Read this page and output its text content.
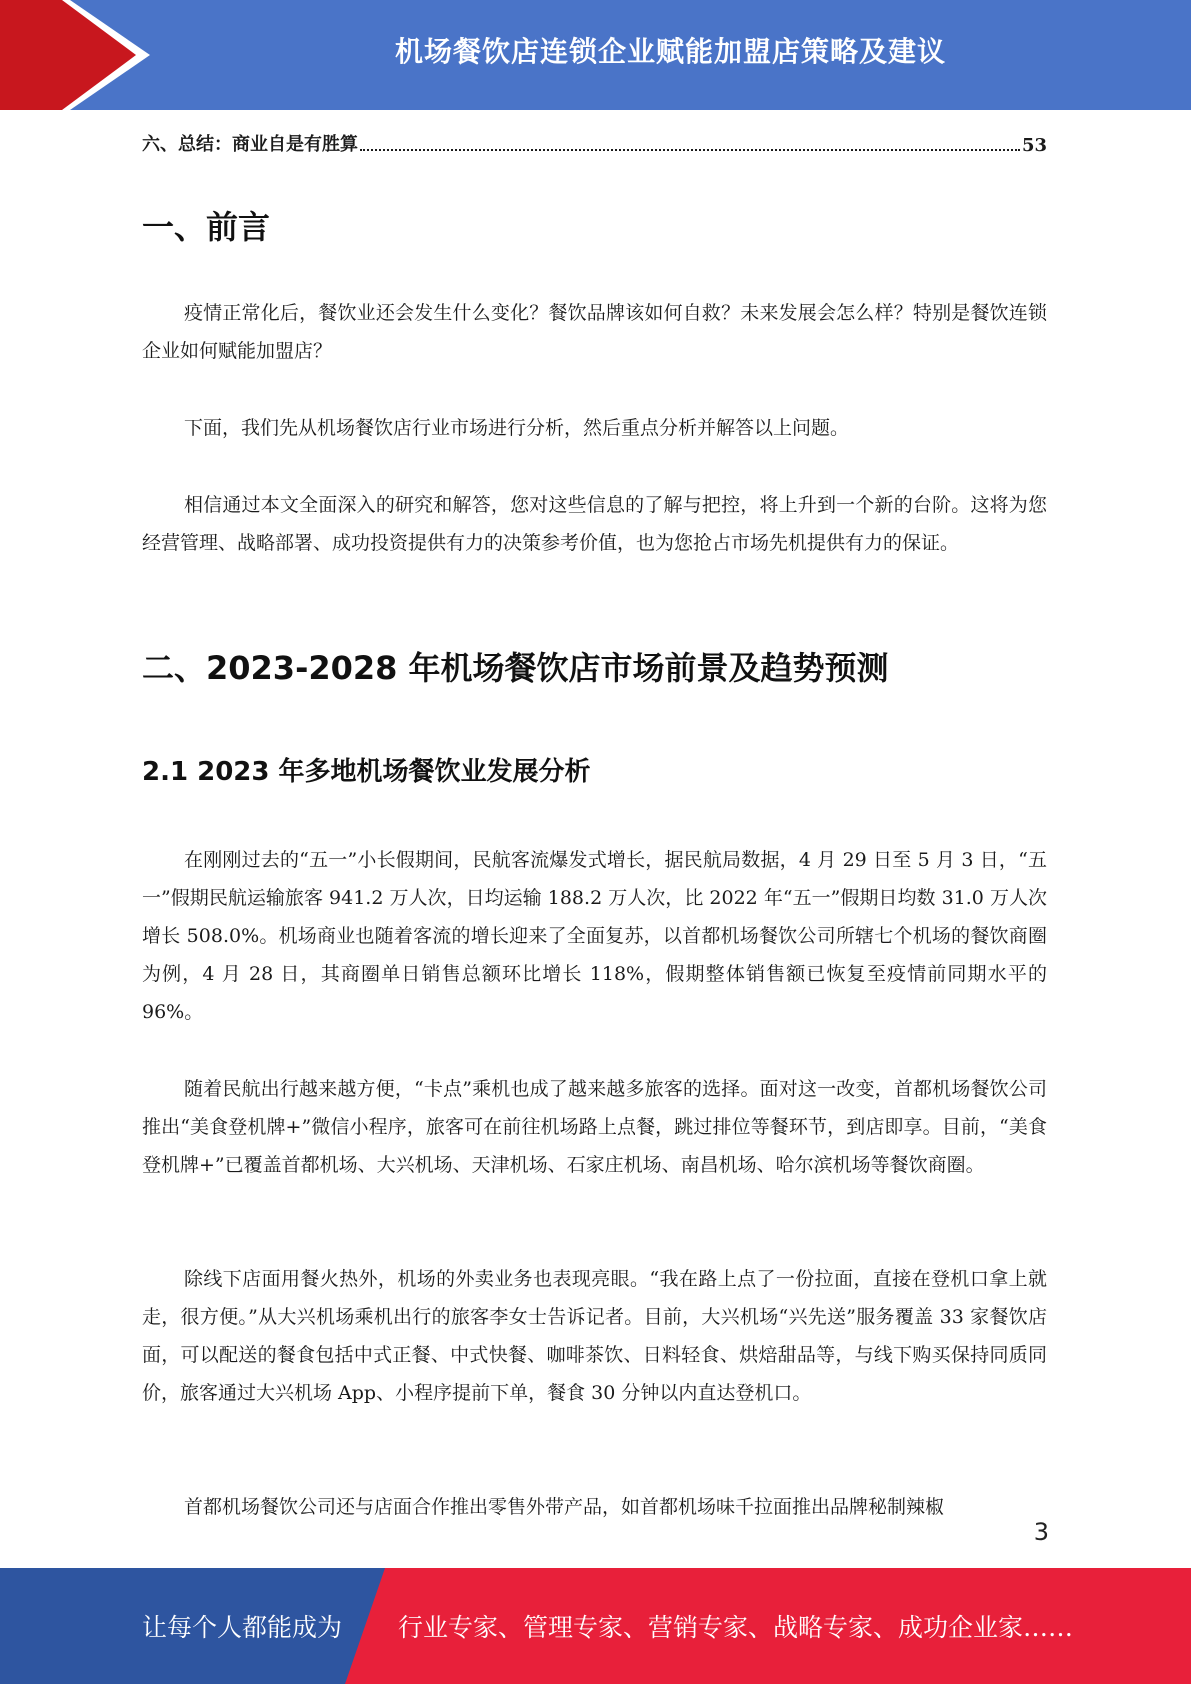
机场餐饮店连锁企业赋能加盟店策略及建议
六、总结：商业自是有胜算	53
一、前言
疫情正常化后，餐饮业还会发生什么变化？餐饮品牌该如何自救？未来发展会怎么样？特别是餐饮连锁企业如何赋能加盟店？
下面，我们先从机场餐饮店行业市场进行分析，然后重点分析并解答以上问题。
相信通过本文全面深入的研究和解答，您对这些信息的了解与把控，将上升到一个新的台阶。这将为您经营管理、战略部署、成功投资提供有力的决策参考价值，也为您抢占市场先机提供有力的保证。
二、2023-2028 年机场餐饮店市场前景及趋势预测
2.1 2023 年多地机场餐饮业发展分析
在刚刚过去的“五一”小长假期间，民航客流爆发式增长，据民航局数据，4 月 29 日至 5 月 3 日，“五一”假期民航运输旅客 941.2 万人次，日均运输 188.2 万人次，比 2022 年“五一”假期日均数 31.0 万人次增长 508.0%。机场商业也随着客流的增长迎来了全面复苏，以首都机场餐饮公司所辖七个机场的餐饮商圈为例，4 月 28 日，其商圈单日销售总额环比增长 118%，假期整体销售额已恢复至疫情前同期水平的 96%。
随着民航出行越来越方便，“卡点”乘机也成了越来越多旅客的选择。面对这一改变，首都机场餐饮公司推出“美食登机牌+”微信小程序，旅客可在前往机场路上点餐，跳过排位等餐环节，到店即享。目前，“美食登机牌+”已覆盖首都机场、大兴机场、天津机场、石家庄机场、南昌机场、哈尔滨机场等餐饮商圈。
除线下店面用餐火热外，机场的外卖业务也表现亮眼。“我在路上点了一份拉面，直接在登机口拿上就走，很方便。”从大兴机场乘机出行的旅客李女士告诉记者。目前，大兴机场“兴先送”服务覆盖 33 家餐饮店面，可以配送的餐食包括中式正餐、中式快餐、咖啡茶饮、日料轻食、烘焙甜品等，与线下购买保持同质同价，旅客通过大兴机场 App、小程序提前下单，餐食 30 分钟以内直达登机口。
首都机场餐饮公司还与店面合作推出零售外带产品，如首都机场味千拉面推出品牌秘制辣椒
3
让每个人都能成为 行业专家、管理专家、营销专家、战略专家、成功企业家……
